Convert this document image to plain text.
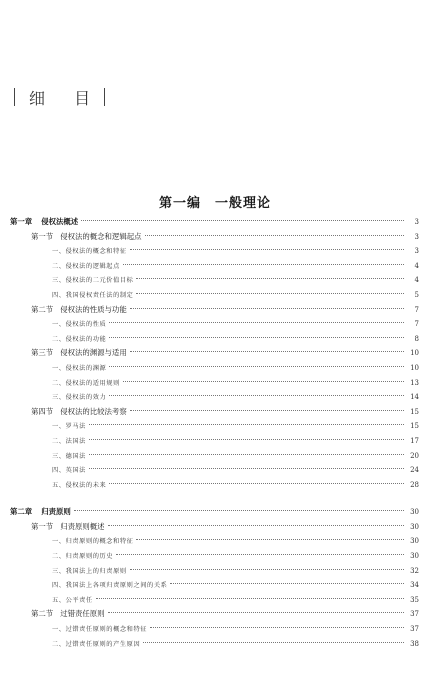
细 目
第一编　一般理论
第一章 侵权法概述	3
第一节 侵权法的概念和逻辑起点	3
一、侵权法的概念和特征	3
二、侵权法的逻辑起点	4
三、侵权法的二元价值目标	4
四、我国侵权责任法的制定	5
第二节 侵权法的性质与功能	7
一、侵权法的性质	7
二、侵权法的功能	8
第三节 侵权法的渊源与适用	10
一、侵权法的渊源	10
二、侵权法的适用规则	13
三、侵权法的效力	14
第四节 侵权法的比较法考察	15
一、罗马法	15
二、法国法	17
三、德国法	20
四、英国法	24
五、侵权法的未来	28
第二章 归责原则	30
第一节 归责原则概述	30
一、归责原则的概念和特征	30
二、归责原则的历史	30
三、我国法上的归责原则	32
四、我国法上各项归责原则之间的关系	34
五、公平责任	35
第二节 过错责任原则	37
一、过错责任原则的概念和特征	37
二、过错责任原则的产生原因	38
